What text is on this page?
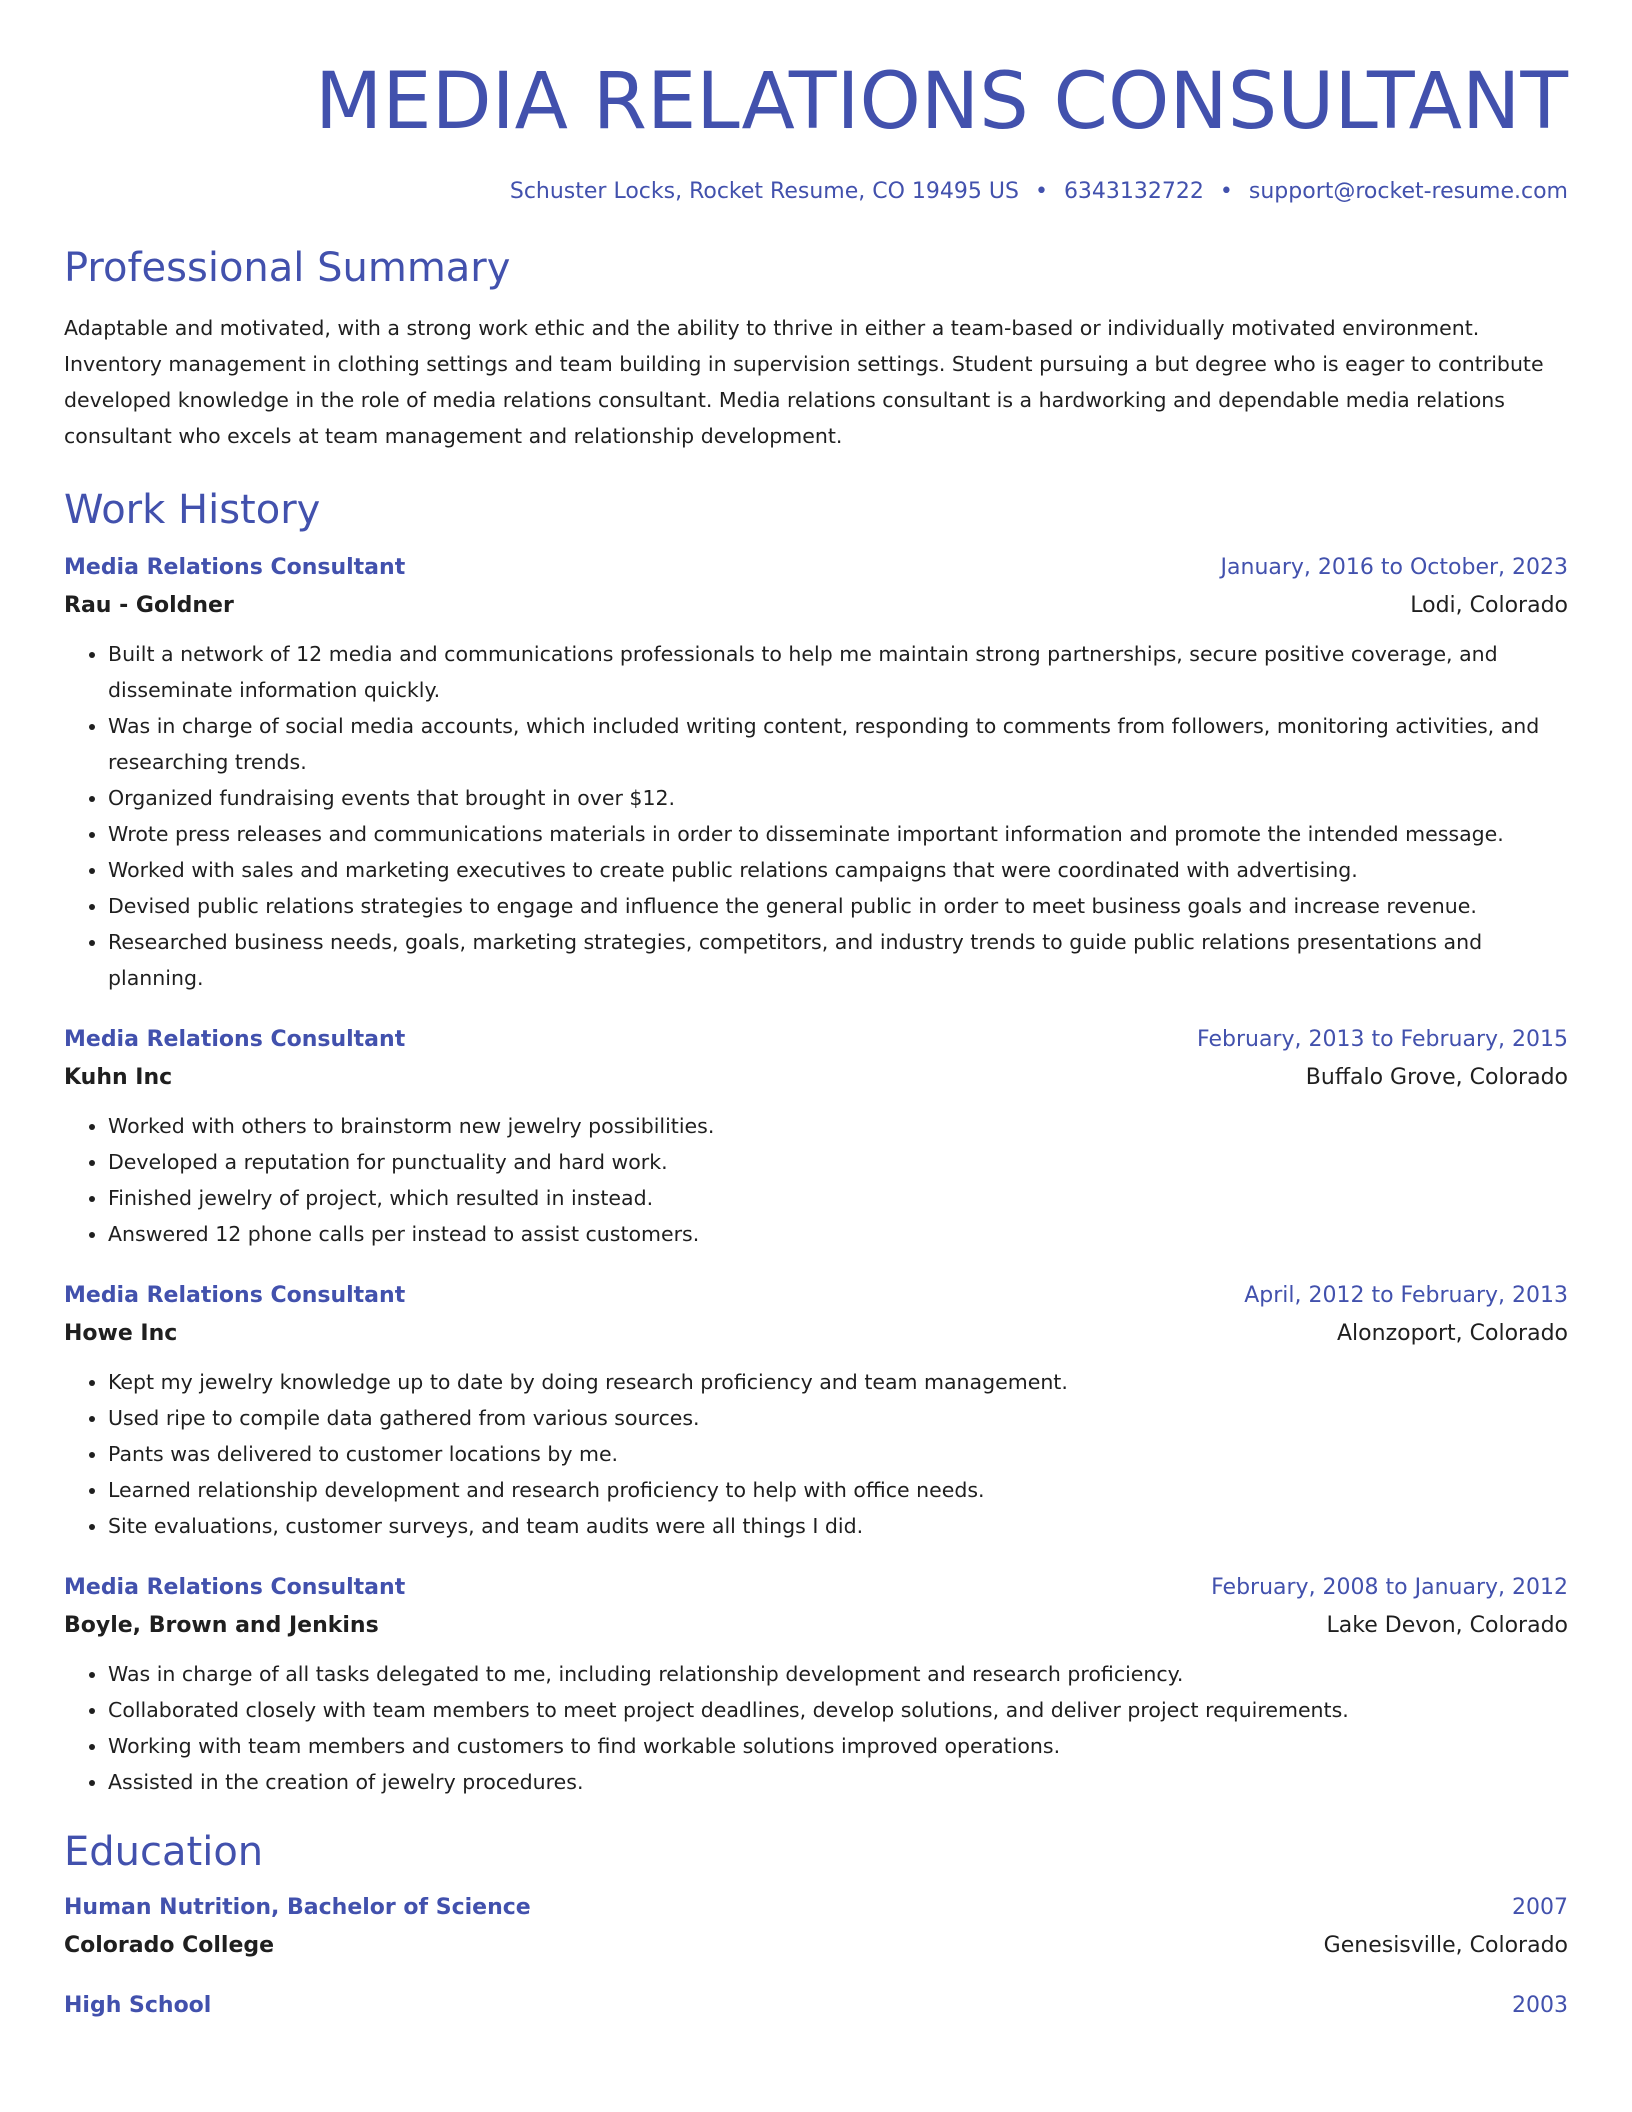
MEDIA RELATIONS CONSULTANT
Schuster Locks, Rocket Resume, CO 19495 US • 6343132722 • support@rocket-resume.com
Professional Summary
Adaptable and motivated, with a strong work ethic and the ability to thrive in either a team-based or individually motivated environment. Inventory management in clothing settings and team building in supervision settings. Student pursuing a but degree who is eager to contribute developed knowledge in the role of media relations consultant. Media relations consultant is a hardworking and dependable media relations consultant who excels at team management and relationship development.
Work History
Media Relations Consultant	January, 2016 to October, 2023
Rau - Goldner	Lodi, Colorado
• Built a network of 12 media and communications professionals to help me maintain strong partnerships, secure positive coverage, and disseminate information quickly.
• Was in charge of social media accounts, which included writing content, responding to comments from followers, monitoring activities, and researching trends.
• Organized fundraising events that brought in over $12.
• Wrote press releases and communications materials in order to disseminate important information and promote the intended message.
• Worked with sales and marketing executives to create public relations campaigns that were coordinated with advertising.
• Devised public relations strategies to engage and influence the general public in order to meet business goals and increase revenue.
• Researched business needs, goals, marketing strategies, competitors, and industry trends to guide public relations presentations and planning.
Media Relations Consultant	February, 2013 to February, 2015
Kuhn Inc	Buffalo Grove, Colorado
• Worked with others to brainstorm new jewelry possibilities.
• Developed a reputation for punctuality and hard work.
• Finished jewelry of project, which resulted in instead.
• Answered 12 phone calls per instead to assist customers.
Media Relations Consultant	April, 2012 to February, 2013
Howe Inc	Alonzoport, Colorado
• Kept my jewelry knowledge up to date by doing research proficiency and team management.
• Used ripe to compile data gathered from various sources.
• Pants was delivered to customer locations by me.
• Learned relationship development and research proficiency to help with office needs.
• Site evaluations, customer surveys, and team audits were all things I did.
Media Relations Consultant	February, 2008 to January, 2012
Boyle, Brown and Jenkins	Lake Devon, Colorado
• Was in charge of all tasks delegated to me, including relationship development and research proficiency.
• Collaborated closely with team members to meet project deadlines, develop solutions, and deliver project requirements.
• Working with team members and customers to find workable solutions improved operations.
• Assisted in the creation of jewelry procedures.
Education
Human Nutrition, Bachelor of Science	2007
Colorado College	Genesisville, Colorado
High School	2003
